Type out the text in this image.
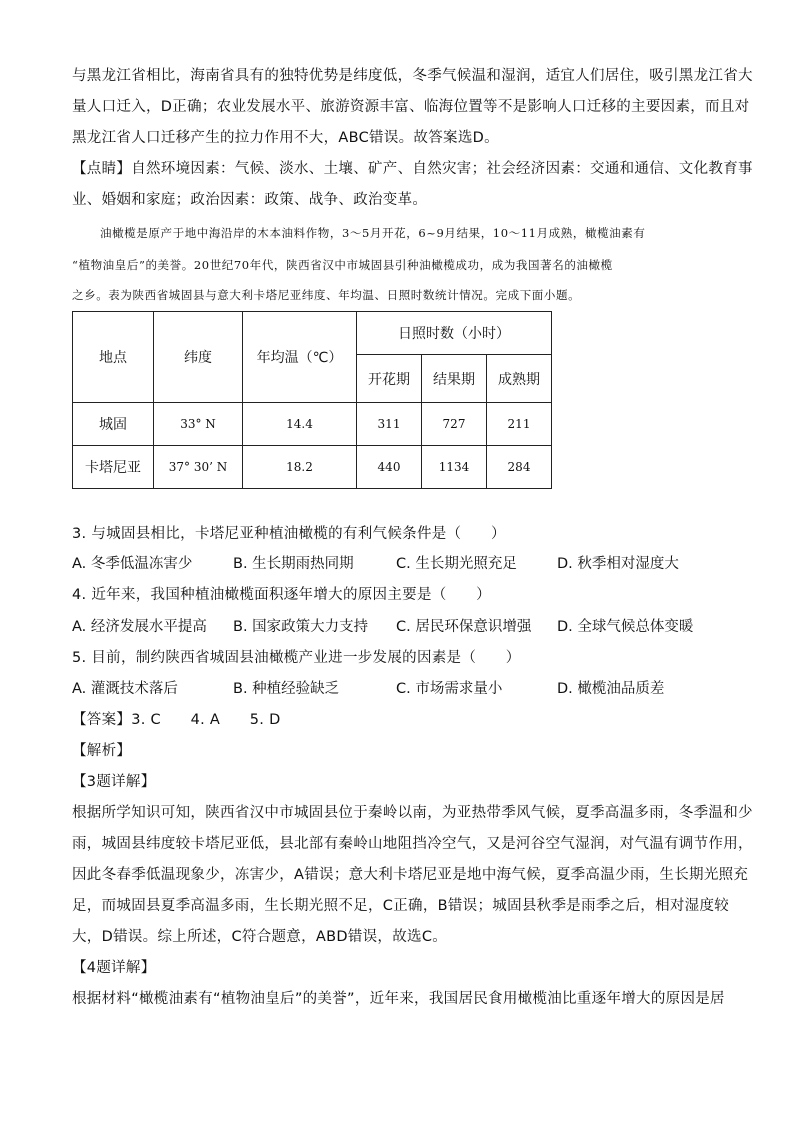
与黑龙江省相比，海南省具有的独特优势是纬度低，冬季气候温和湿润，适宜人们居住，吸引黑龙江省大
量人口迁入，D正确；农业发展水平、旅游资源丰富、临海位置等不是影响人口迁移的主要因素，而且对
黑龙江省人口迁移产生的拉力作用不大，ABC错误。故答案选D。
【点睛】自然环境因素：气候、淡水、土壤、矿产、自然灾害；社会经济因素：交通和通信、文化教育事
业、婚姻和家庭；政治因素：政策、战争、政治变革。
油橄榄是原产于地中海沿岸的木本油料作物，3～5月开花，6~9月结果，10～11月成熟，橄榄油素有
“植物油皇后”的美誉。20世纪70年代，陕西省汉中市城固县引种油橄榄成功，成为我国著名的油橄榄
之乡。表为陕西省城固县与意大利卡塔尼亚纬度、年均温、日照时数统计情况。完成下面小题。
地点	纬度	年均温（℃）	日照时数（小时）		
			开花期	结果期	成熟期
城固	33° N	14.4	311	727	211
卡塔尼亚	37° 30’ N	18.2	440	1134	284
3. 与城固县相比，卡塔尼亚种植油橄榄的有利气候条件是（　　）
A. 冬季低温冻害少	B. 生长期雨热同期	C. 生长期光照充足	D. 秋季相对湿度大
4. 近年来，我国种植油橄榄面积逐年增大的原因主要是（　　）
A. 经济发展水平提高 B. 国家政策大力支持 C. 居民环保意识增强 D. 全球气候总体变暖
5. 目前，制约陕西省城固县油橄榄产业进一步发展的因素是（　　）
A. 灌溉技术落后	B. 种植经验缺乏	C. 市场需求量小	D. 橄榄油品质差
【答案】3. C　　4. A　　5. D
【解析】
【3题详解】
根据所学知识可知，陕西省汉中市城固县位于秦岭以南，为亚热带季风气候，夏季高温多雨，冬季温和少
雨，城固县纬度较卡塔尼亚低，县北部有秦岭山地阻挡冷空气，又是河谷空气湿润，对气温有调节作用，
因此冬春季低温现象少，冻害少，A错误；意大利卡塔尼亚是地中海气候，夏季高温少雨，生长期光照充
足，而城固县夏季高温多雨，生长期光照不足，C正确，B错误；城固县秋季是雨季之后，相对湿度较
大，D错误。综上所述，C符合题意，ABD错误，故选C。
【4题详解】
根据材料“橄榄油素有“植物油皇后”的美誉”，近年来，我国居民食用橄榄油比重逐年增大的原因是居
